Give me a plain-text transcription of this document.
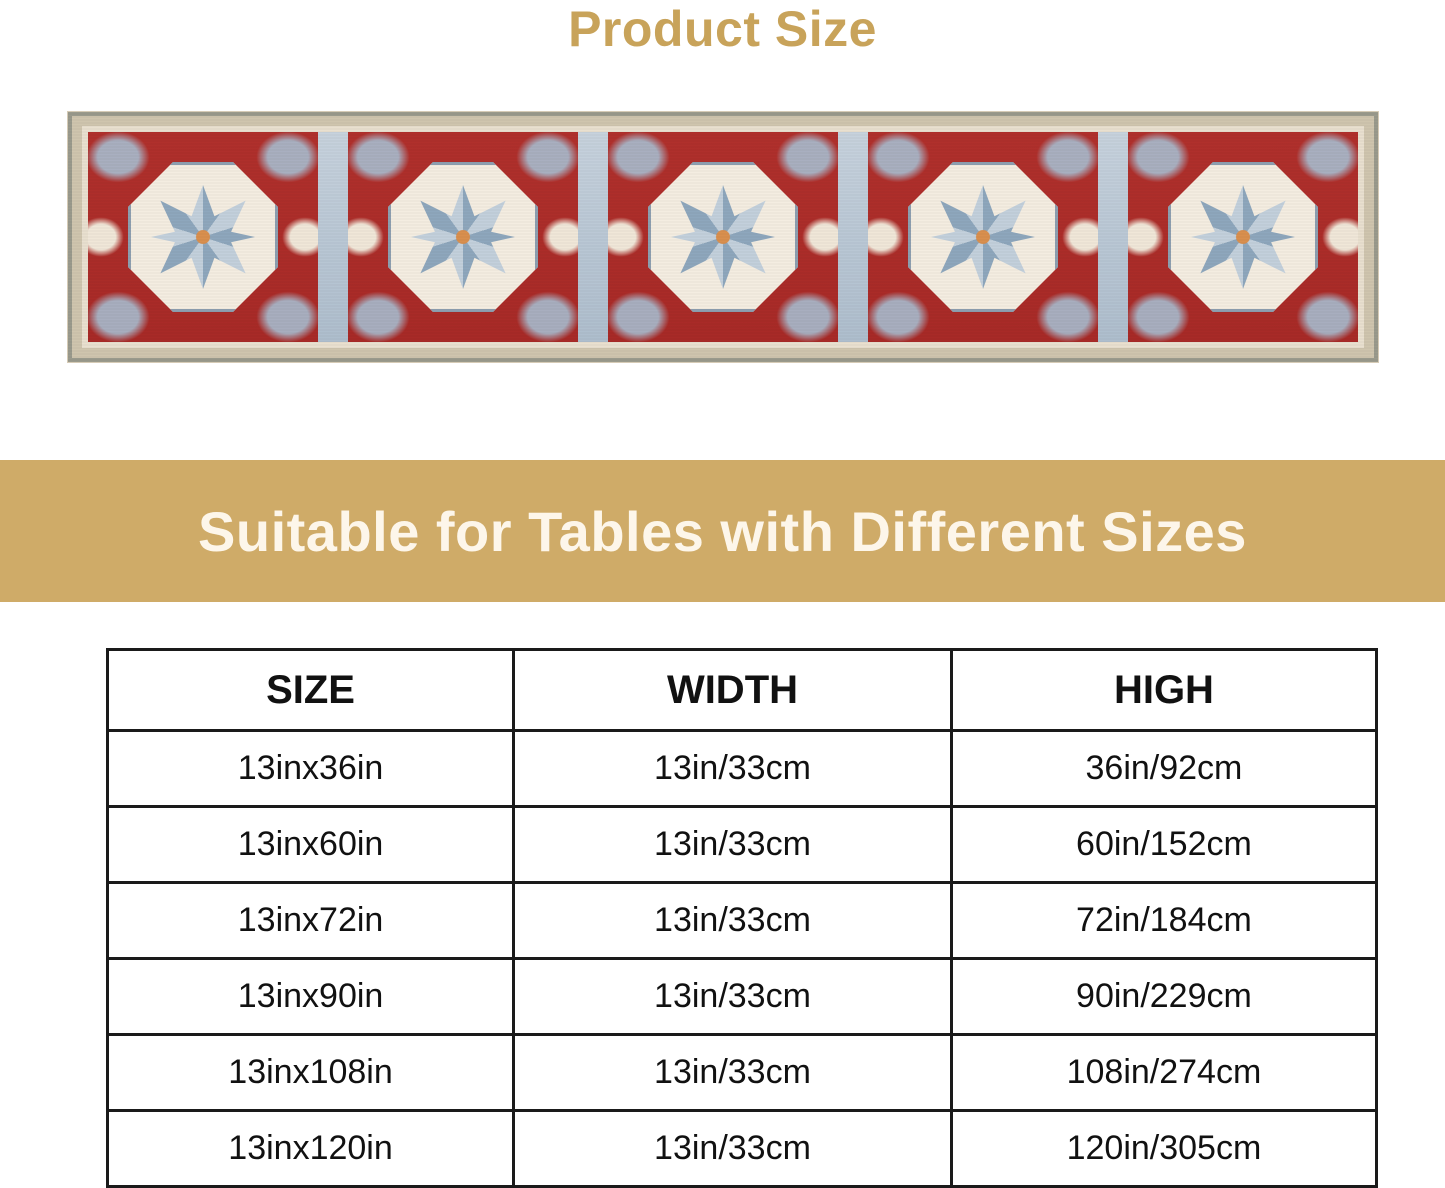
Product Size
Suitable for Tables with Different Sizes
SIZE	WIDTH	HIGH
13inx36in	13in/33cm	36in/92cm
13inx60in	13in/33cm	60in/152cm
13inx72in	13in/33cm	72in/184cm
13inx90in	13in/33cm	90in/229cm
13inx108in	13in/33cm	108in/274cm
13inx120in	13in/33cm	120in/305cm
